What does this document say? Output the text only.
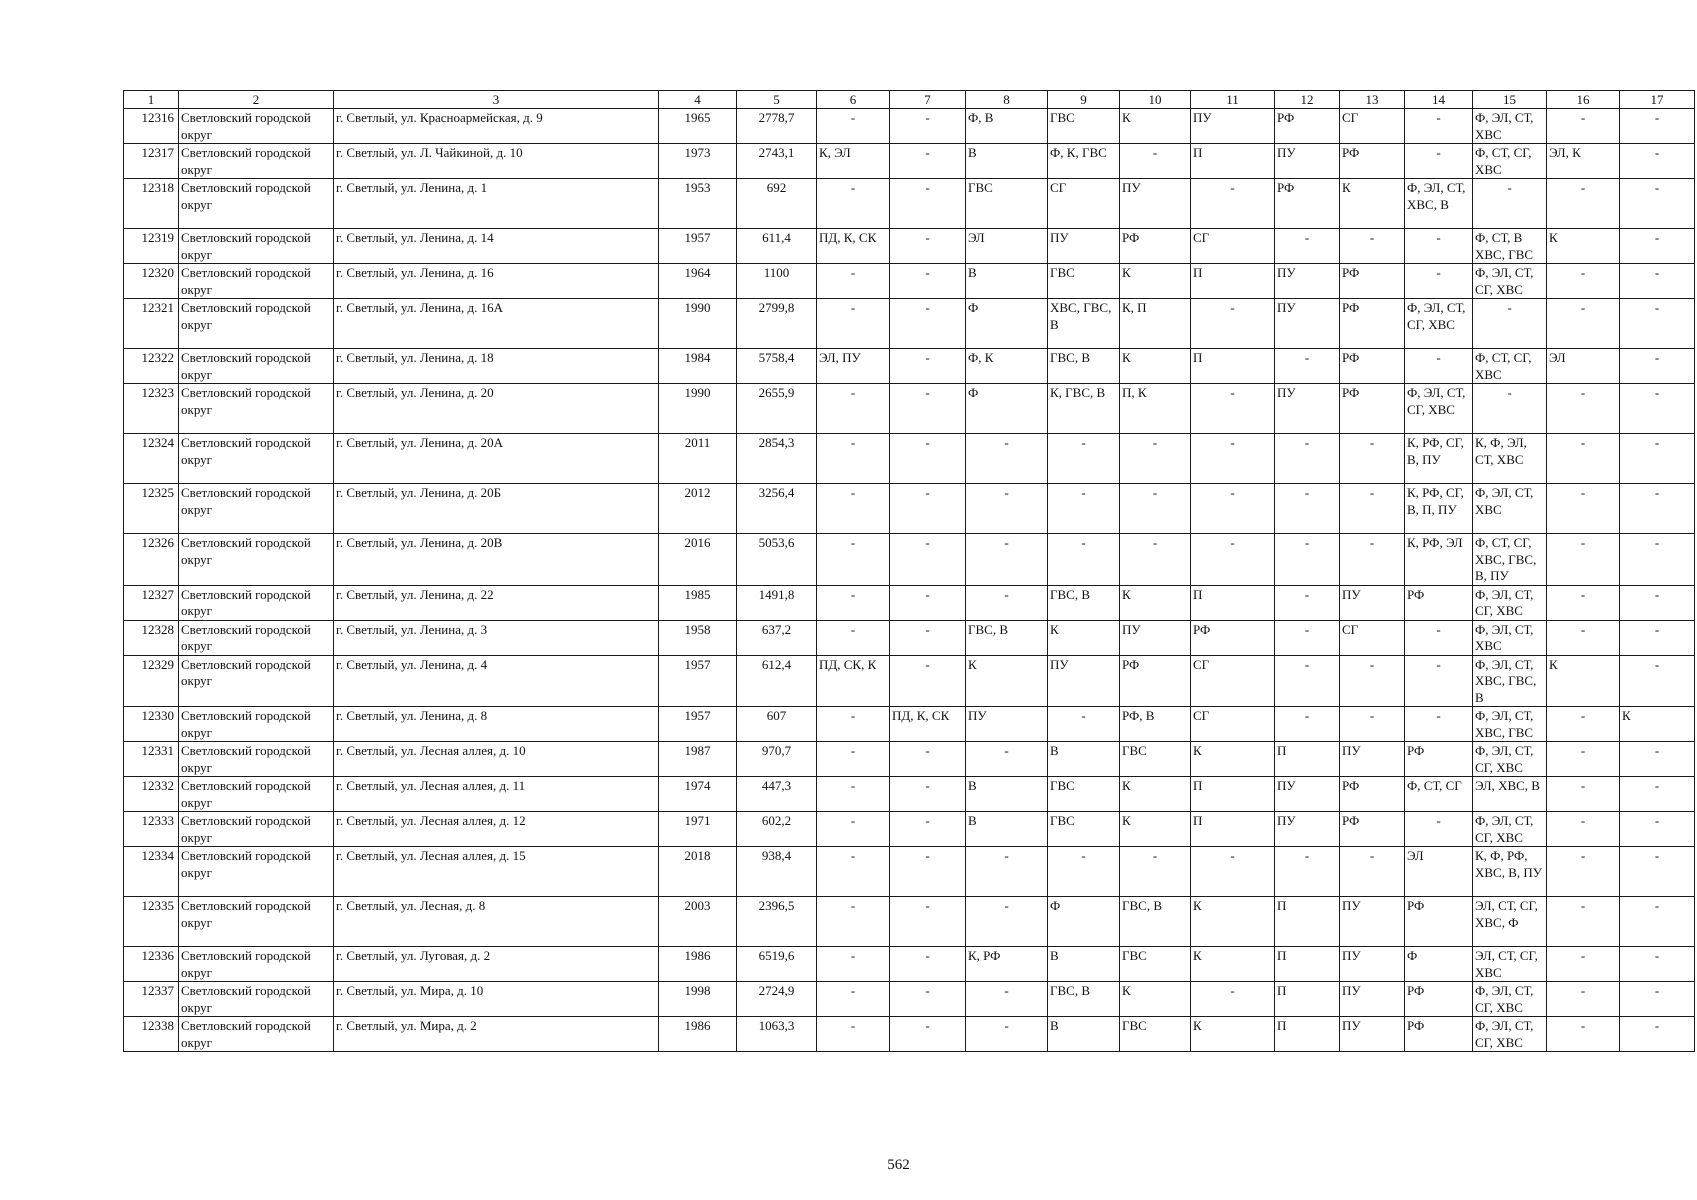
1	2	3	4	5	6	7	8	9	10	11	12	13	14	15	16	17
12316	Светловский городской округ	г. Светлый, ул. Красноармейская, д. 9	1965	2778,7	-	-	Ф, В	ГВС	К	ПУ	РФ	СГ	-	Ф, ЭЛ, СТ, ХВС	-	-
12317	Светловский городской округ	г. Светлый, ул. Л. Чайкиной, д. 10	1973	2743,1	К, ЭЛ	-	В	Ф, К, ГВС	-	П	ПУ	РФ	-	Ф, СТ, СГ, ХВС	ЭЛ, К	-
12318	Светловский городской округ	г. Светлый, ул. Ленина, д. 1	1953	692	-	-	ГВС	СГ	ПУ	-	РФ	К	Ф, ЭЛ, СТ, ХВС, В	-	-	-
12319	Светловский городской округ	г. Светлый, ул. Ленина, д. 14	1957	611,4	ПД, К, СК	-	ЭЛ	ПУ	РФ	СГ	-	-	-	Ф, СТ, В ХВС, ГВС	К	-
12320	Светловский городской округ	г. Светлый, ул. Ленина, д. 16	1964	1100	-	-	В	ГВС	К	П	ПУ	РФ	-	Ф, ЭЛ, СТ, СГ, ХВС	-	-
12321	Светловский городской округ	г. Светлый, ул. Ленина, д. 16А	1990	2799,8	-	-	Ф	ХВС, ГВС, В	К, П	-	ПУ	РФ	Ф, ЭЛ, СТ, СГ, ХВС	-	-	-
12322	Светловский городской округ	г. Светлый, ул. Ленина, д. 18	1984	5758,4	ЭЛ, ПУ	-	Ф, К	ГВС, В	К	П	-	РФ	-	Ф, СТ, СГ, ХВС	ЭЛ	-
12323	Светловский городской округ	г. Светлый, ул. Ленина, д. 20	1990	2655,9	-	-	Ф	К, ГВС, В	П, К	-	ПУ	РФ	Ф, ЭЛ, СТ, СГ, ХВС	-	-	-
12324	Светловский городской округ	г. Светлый, ул. Ленина, д. 20А	2011	2854,3	-	-	-	-	-	-	-	-	К, РФ, СГ, В, ПУ	К, Ф, ЭЛ, СТ, ХВС	-	-
12325	Светловский городской округ	г. Светлый, ул. Ленина, д. 20Б	2012	3256,4	-	-	-	-	-	-	-	-	К, РФ, СГ, В, П, ПУ	Ф, ЭЛ, СТ, ХВС	-	-
12326	Светловский городской округ	г. Светлый, ул. Ленина, д. 20В	2016	5053,6	-	-	-	-	-	-	-	-	К, РФ, ЭЛ	Ф, СТ, СГ, ХВС, ГВС, В, ПУ	-	-
12327	Светловский городской округ	г. Светлый, ул. Ленина, д. 22	1985	1491,8	-	-	-	ГВС, В	К	П	-	ПУ	РФ	Ф, ЭЛ, СТ, СГ, ХВС	-	-
12328	Светловский городской округ	г. Светлый, ул. Ленина, д. 3	1958	637,2	-	-	ГВС, В	К	ПУ	РФ	-	СГ	-	Ф, ЭЛ, СТ, ХВС	-	-
12329	Светловский городской округ	г. Светлый, ул. Ленина, д. 4	1957	612,4	ПД, СК, К	-	К	ПУ	РФ	СГ	-	-	-	Ф, ЭЛ, СТ, ХВС, ГВС, В	К	-
12330	Светловский городской округ	г. Светлый, ул. Ленина, д. 8	1957	607	-	ПД, К, СК	ПУ	-	РФ, В	СГ	-	-	-	Ф, ЭЛ, СТ, ХВС, ГВС	-	К
12331	Светловский городской округ	г. Светлый, ул. Лесная аллея, д. 10	1987	970,7	-	-	-	В	ГВС	К	П	ПУ	РФ	Ф, ЭЛ, СТ, СГ, ХВС	-	-
12332	Светловский городской округ	г. Светлый, ул. Лесная аллея, д. 11	1974	447,3	-	-	В	ГВС	К	П	ПУ	РФ	Ф, СТ, СГ	ЭЛ, ХВС, В	-	-
12333	Светловский городской округ	г. Светлый, ул. Лесная аллея, д. 12	1971	602,2	-	-	В	ГВС	К	П	ПУ	РФ	-	Ф, ЭЛ, СТ, СГ, ХВС	-	-
12334	Светловский городской округ	г. Светлый, ул. Лесная аллея, д. 15	2018	938,4	-	-	-	-	-	-	-	-	ЭЛ	К, Ф, РФ, ХВС, В, ПУ	-	-
12335	Светловский городской округ	г. Светлый, ул. Лесная, д. 8	2003	2396,5	-	-	-	Ф	ГВС, В	К	П	ПУ	РФ	ЭЛ, СТ, СГ, ХВС, Ф	-	-
12336	Светловский городской округ	г. Светлый, ул. Луговая, д. 2	1986	6519,6	-	-	К, РФ	В	ГВС	К	П	ПУ	Ф	ЭЛ, СТ, СГ, ХВС	-	-
12337	Светловский городской округ	г. Светлый, ул. Мира, д. 10	1998	2724,9	-	-	-	ГВС, В	К	-	П	ПУ	РФ	Ф, ЭЛ, СТ, СГ, ХВС	-	-
12338	Светловский городской округ	г. Светлый, ул. Мира, д. 2	1986	1063,3	-	-	-	В	ГВС	К	П	ПУ	РФ	Ф, ЭЛ, СТ, СГ, ХВС	-	-
562
